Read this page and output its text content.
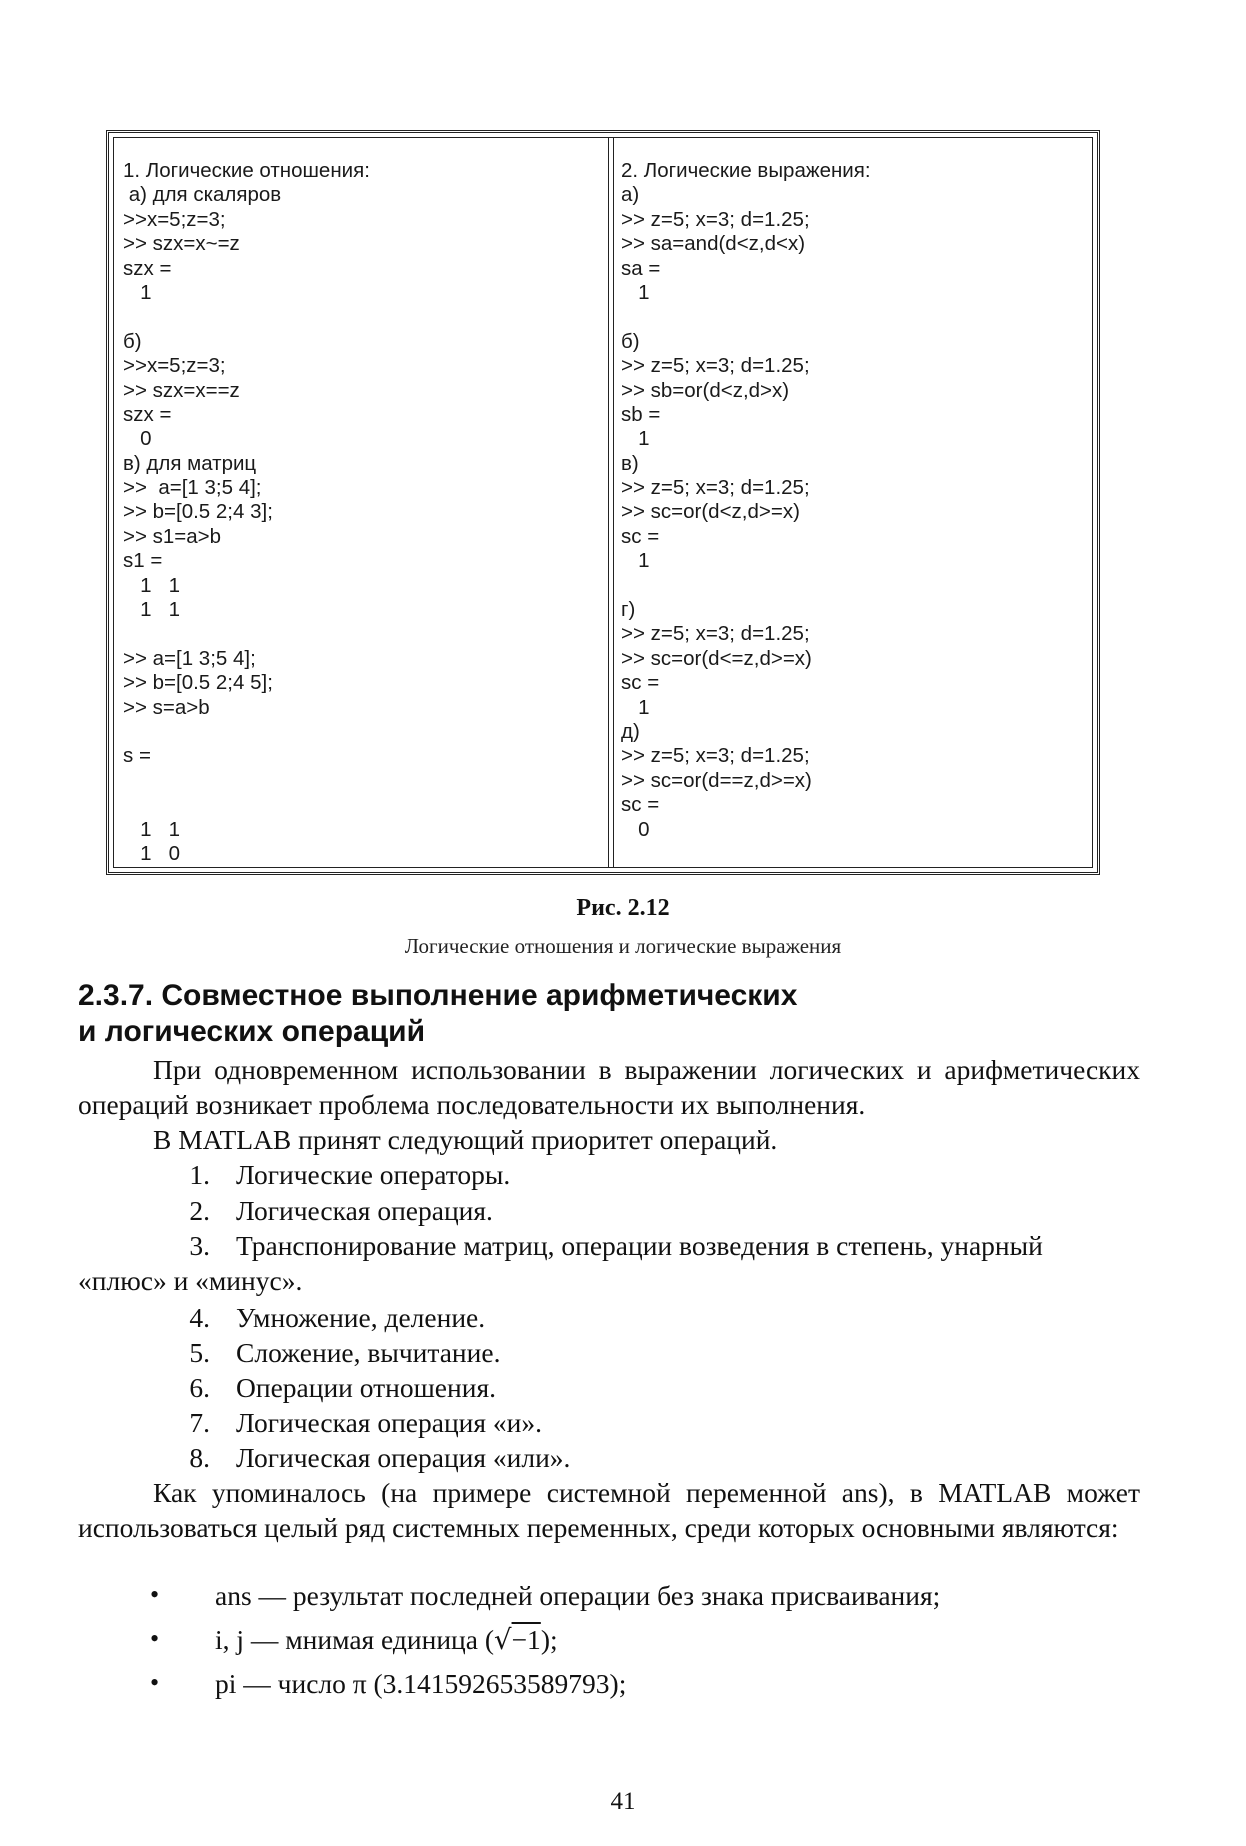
1. Логические отношения:
а) для скаляров
>>x=5;z=3;
>> szx=x~=z
szx =
1
б)
>>x=5;z=3;
>> szx=x==z
szx =
0
в) для матриц
>>  a=[1 3;5 4];
>> b=[0.5 2;4 3];
>> s1=a>b
s1 =
1   1
1   1
>> a=[1 3;5 4];
>> b=[0.5 2;4 5];
>> s=a>b
s =
1   1
1   0
2. Логические выражения:
а)
>> z=5; x=3; d=1.25;
>> sa=and(d<z,d<x)
sa =
1
б)
>> z=5; x=3; d=1.25;
>> sb=or(d<z,d>x)
sb =
1
в)
>> z=5; x=3; d=1.25;
>> sc=or(d<z,d>=x)
sc =
1
г)
>> z=5; x=3; d=1.25;
>> sc=or(d<=z,d>=x)
sc =
1
д)
>> z=5; x=3; d=1.25;
>> sc=or(d==z,d>=x)
sc =
0
Рис. 2.12
Логические отношения и логические выражения
2.3.7. Совместное выполнение арифметических
и логических операций
При одновременном использовании в выражении логических и арифметических операций возникает проблема последовательности их выполнения.
В MATLAB принят следующий приоритет операций.
1. Логические операторы.
2. Логическая операция.
3. Транспонирование матриц, операции возведения в степень, унарный
4. Умножение, деление.
5. Сложение, вычитание.
6. Операции отношения.
7. Логическая операция «и».
8. Логическая операция «или».
«плюс» и «минус».
Как упоминалось (на примере системной переменной ans), в MATLAB может использоваться целый ряд системных переменных, среди которых основными являются:
• ans — результат последней операции без знака присваивания;
• i, j — мнимая единица (√−1);
• pi — число π (3.141592653589793);
41
